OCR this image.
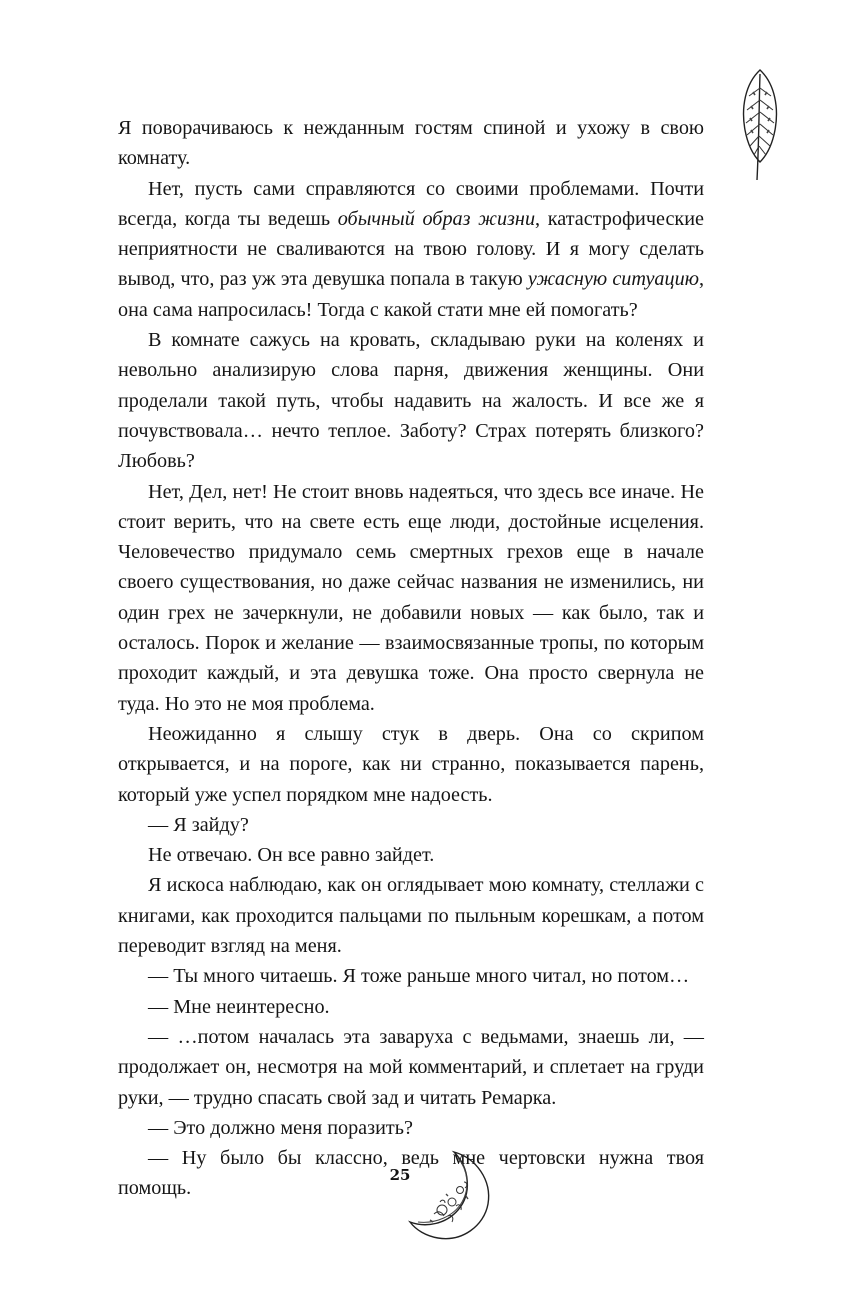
Я поворачиваюсь к нежданным гостям спиной и ухожу в свою комнату.

Нет, пусть сами справляются со своими проблемами. Почти всегда, когда ты ведешь обычный образ жизни, катастрофические неприятности не сваливаются на твою голову. И я могу сделать вывод, что, раз уж эта девушка попала в такую ужасную ситуацию, она сама напросилась! Тогда с какой стати мне ей помогать?

В комнате сажусь на кровать, складываю руки на коленях и невольно анализирую слова парня, движения женщины. Они проделали такой путь, чтобы надавить на жалость. И все же я почувствовала… нечто теплое. Заботу? Страх потерять близкого? Любовь?

Нет, Дел, нет! Не стоит вновь надеяться, что здесь все иначе. Не стоит верить, что на свете есть еще люди, достойные исцеления. Человечество придумало семь смертных грехов еще в начале своего существования, но даже сейчас названия не изменились, ни один грех не зачеркнули, не добавили новых — как было, так и осталось. Порок и желание — взаимосвязанные тропы, по которым проходит каждый, и эта девушка тоже. Она просто свернула не туда. Но это не моя проблема.

Неожиданно я слышу стук в дверь. Она со скрипом открывается, и на пороге, как ни странно, показывается парень, который уже успел порядком мне надоесть.

— Я зайду?

Не отвечаю. Он все равно зайдет.

Я искоса наблюдаю, как он оглядывает мою комнату, стеллажи с книгами, как проходится пальцами по пыльным корешкам, а потом переводит взгляд на меня.

— Ты много читаешь. Я тоже раньше много читал, но потом…

— Мне неинтересно.

— …потом началась эта заваруха с ведьмами, знаешь ли, — продолжает он, несмотря на мой комментарий, и сплетает на груди руки, — трудно спасать свой зад и читать Ремарка.

— Это должно меня поразить?

— Ну было бы классно, ведь мне чертовски нужна твоя помощь.

25
